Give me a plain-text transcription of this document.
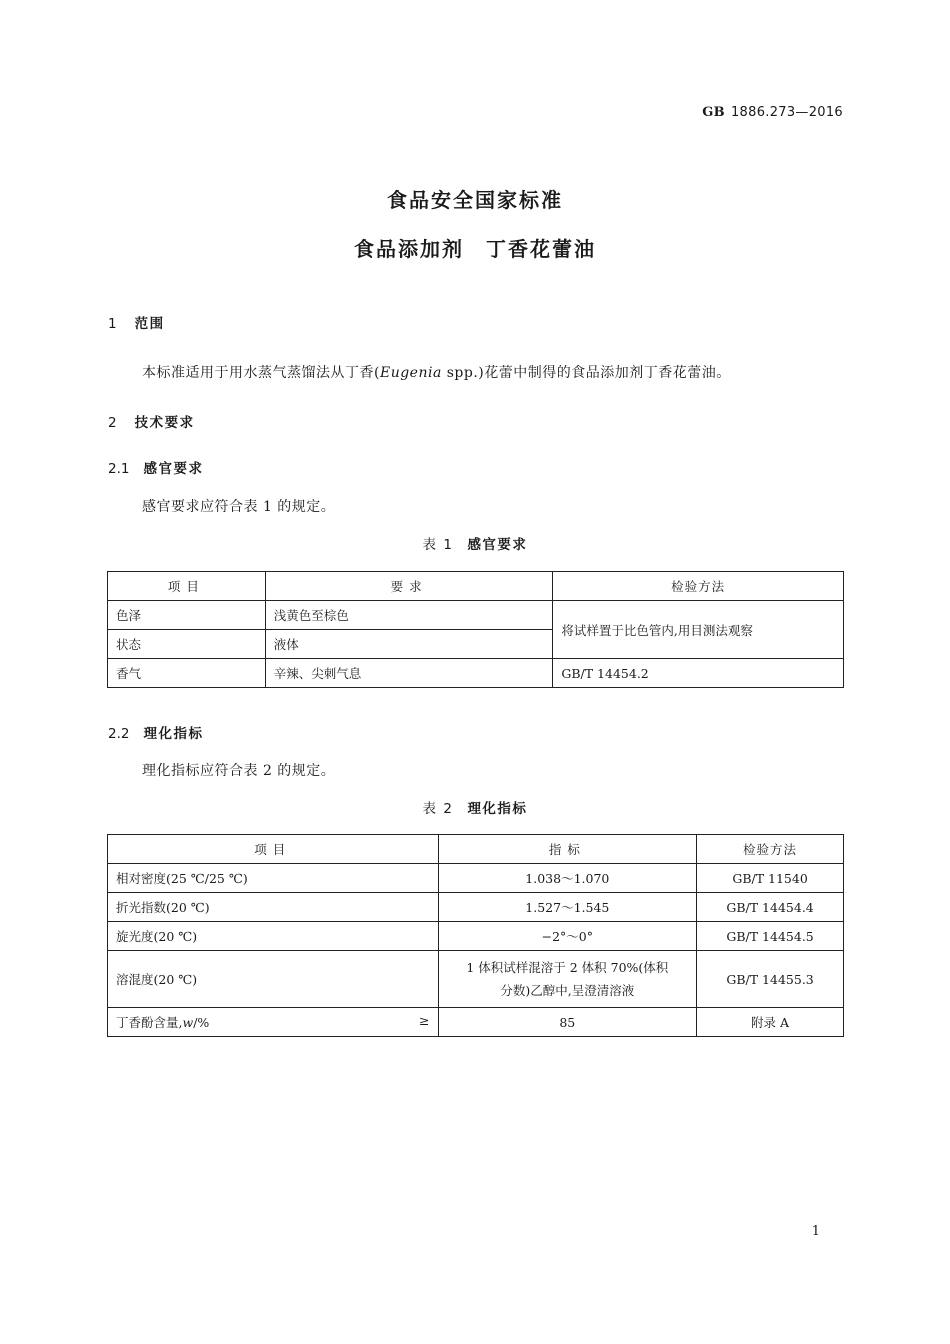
GB 1886.273—2016
食品安全国家标准
食品添加剂　丁香花蕾油
1 范围
本标准适用于用水蒸气蒸馏法从丁香(Eugenia spp.)花蕾中制得的食品添加剂丁香花蕾油。
2 技术要求
2.1 感官要求
感官要求应符合表 1 的规定。
表 1 感官要求
项目	要求	检验方法
色泽	浅黄色至棕色	将试样置于比色管内,用目测法观察
状态	液体	
香气	辛辣、尖刺气息	GB/T 14454.2
2.2 理化指标
理化指标应符合表 2 的规定。
表 2 理化指标
项目	指标	检验方法
相对密度(25 ℃/25 ℃)	1.038～1.070	GB/T 11540
折光指数(20 ℃)	1.527～1.545	GB/T 14454.4
旋光度(20 ℃)	−2°～0°	GB/T 14454.5
溶混度(20 ℃)	1 体积试样混溶于 2 体积 70%(体积
分数)乙醇中,呈澄清溶液	GB/T 14455.3

丁香酚含量,w/% ≥	85	附录 A
1
